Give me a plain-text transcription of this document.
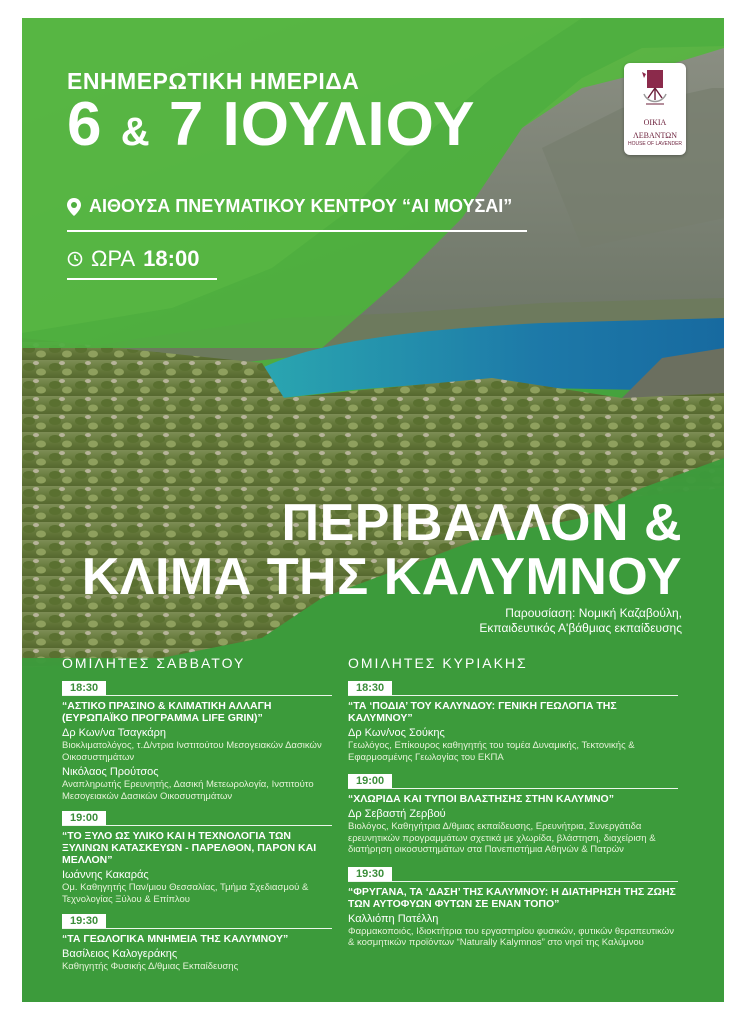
ΕΝΗΜΕΡΩΤΙΚΗ ΗΜΕΡΙΔΑ
6 & 7 ΙΟΥΛΙΟΥ
ΑΙΘΟΥΣΑ ΠΝΕΥΜΑΤΙΚΟΥ ΚΕΝΤΡΟΥ “ΑΙ ΜΟΥΣΑΙ”
ΩΡΑ 18:00
ΟΙΚΙΑ
ΛΕΒΑΝΤΩΝ
HOUSE OF LAVENDER
ΠΕΡΙΒΑΛΛΟΝ &
ΚΛΙΜΑ ΤΗΣ ΚΑΛΥΜΝΟΥ
Παρουσίαση: Νομική Καζαβούλη,
Εκπαιδευτικός Α'βάθμιας εκπαίδευσης
ΟΜΙΛΗΤΕΣ ΣΑΒΒΑΤΟΥ	ΟΜΙΛΗΤΕΣ ΚΥΡΙΑΚΗΣ
18:30
“ΑΣΤΙΚΟ ΠΡΑΣΙΝΟ & ΚΛΙΜΑΤΙΚΗ ΑΛΛΑΓΗ (ΕΥΡΩΠΑΪΚΟ ΠΡΟΓΡΑΜΜΑ LIFE GRIN)”
Δρ Κων/να Τσαγκάρη
Βιοκλιματολόγος, τ.Δ/ντρια Ινστιτούτου Μεσογειακών Δασικών Οικοσυστημάτων
Νικόλαος Προύτσος
Αναπληρωτής Ερευνητής, Δασική Μετεωρολογία, Ινστιτούτο Μεσογειακών Δασικών Οικοσυστημάτων
19:00
“ΤΟ ΞΥΛΟ ΩΣ ΥΛΙΚΟ ΚΑΙ Η ΤΕΧΝΟΛΟΓΙΑ ΤΩΝ ΞΥΛΙΝΩΝ ΚΑΤΑΣΚΕΥΩΝ - ΠΑΡΕΛΘΟΝ, ΠΑΡΟΝ ΚΑΙ ΜΕΛΛΟΝ”
Ιωάννης Κακαράς
Ομ. Καθηγητής Παν/μιου Θεσσαλίας, Τμήμα Σχεδιασμού & Τεχνολογίας Ξύλου & Επίπλου
19:30
“ΤΑ ΓΕΩΛΟΓΙΚΑ ΜΝΗΜΕΙΑ ΤΗΣ ΚΑΛΥΜΝΟΥ”
Βασίλειος Καλογεράκης
Καθηγητής Φυσικής Δ/θμιας Εκπαίδευσης
18:30
“ΤΑ ‘ΠΟΔΙΑ’ ΤΟΥ ΚΑΛΥΝΔΟΥ: ΓΕΝΙΚΗ ΓΕΩΛΟΓΙΑ ΤΗΣ ΚΑΛΥΜΝΟΥ”
Δρ Κων/νος Σούκης
Γεωλόγος, Επίκουρος καθηγητής του τομέα Δυναμικής, Τεκτονικής & Εφαρμοσμένης Γεωλογίας του ΕΚΠΑ
19:00
“ΧΛΩΡΙΔΑ ΚΑΙ ΤΥΠΟΙ ΒΛΑΣΤΗΣΗΣ ΣΤΗΝ ΚΑΛΥΜΝΟ”
Δρ Σεβαστή Ζερβού
Βιολόγος, Καθηγήτρια Δ/θμιας εκπαίδευσης, Ερευνήτρια, Συνεργάτιδα ερευνητικών προγραμμάτων σχετικά με χλωρίδα, βλάστηση, διαχείριση & διατήρηση οικοσυστημάτων στα Πανεπιστήμια Αθηνών & Πατρών
19:30
“ΦΡΥΓΑΝΑ, ΤΑ ‘ΔΑΣΗ’ ΤΗΣ ΚΑΛΥΜΝΟΥ: Η ΔΙΑΤΗΡΗΣΗ ΤΗΣ ΖΩΗΣ ΤΩΝ ΑΥΤΟΦΥΩΝ ΦΥΤΩΝ ΣΕ ΕΝΑΝ ΤΟΠΟ”
Καλλιόπη Πατέλλη
Φαρμακοποιός, Ιδιοκτήτρια του εργαστηρίου φυσικών, φυτικών θεραπευτικών & κοσμητικών προϊόντων “Naturally Kalymnos” στο νησί της Καλύμνου
